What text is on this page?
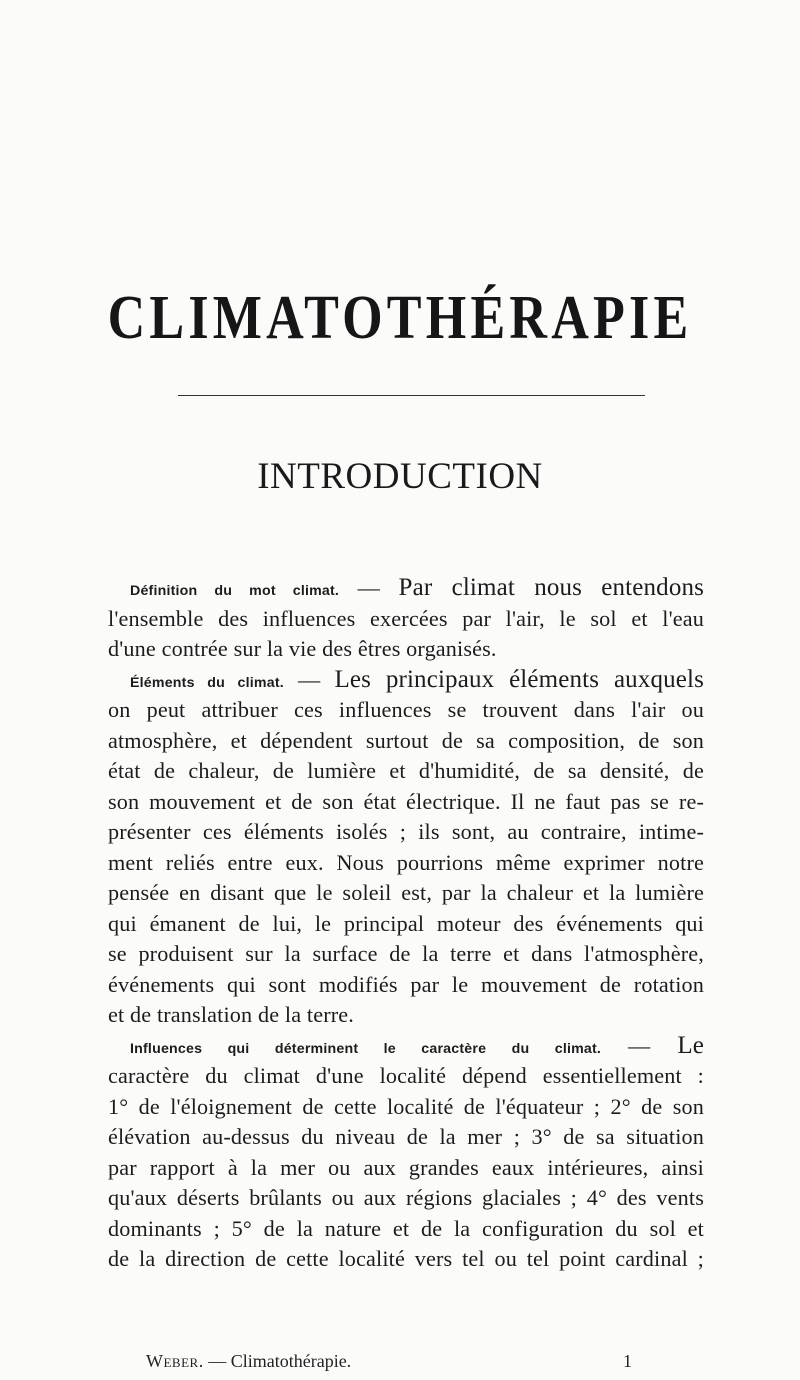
CLIMATOTHÉRAPIE
INTRODUCTION
Définition du mot climat. — Par climat nous entendons
l'ensemble des influences exercées par l'air, le sol et l'eau
d'une contrée sur la vie des êtres organisés.
Éléments du climat. — Les principaux éléments auxquels
on peut attribuer ces influences se trouvent dans l'air ou
atmosphère, et dépendent surtout de sa composition, de son
état de chaleur, de lumière et d'humidité, de sa densité, de
son mouvement et de son état électrique. Il ne faut pas se re-
présenter ces éléments isolés ; ils sont, au contraire, intime-
ment reliés entre eux. Nous pourrions même exprimer notre
pensée en disant que le soleil est, par la chaleur et la lumière
qui émanent de lui, le principal moteur des événements qui
se produisent sur la surface de la terre et dans l'atmosphère,
événements qui sont modifiés par le mouvement de rotation
et de translation de la terre.
Influences qui déterminent le caractère du climat. — Le
caractère du climat d'une localité dépend essentiellement :
1° de l'éloignement de cette localité de l'équateur ; 2° de son
élévation au-dessus du niveau de la mer ; 3° de sa situation
par rapport à la mer ou aux grandes eaux intérieures, ainsi
qu'aux déserts brûlants ou aux régions glaciales ; 4° des vents
dominants ; 5° de la nature et de la configuration du sol et
de la direction de cette localité vers tel ou tel point cardinal ;
Weber. — Climatothérapie.	1
